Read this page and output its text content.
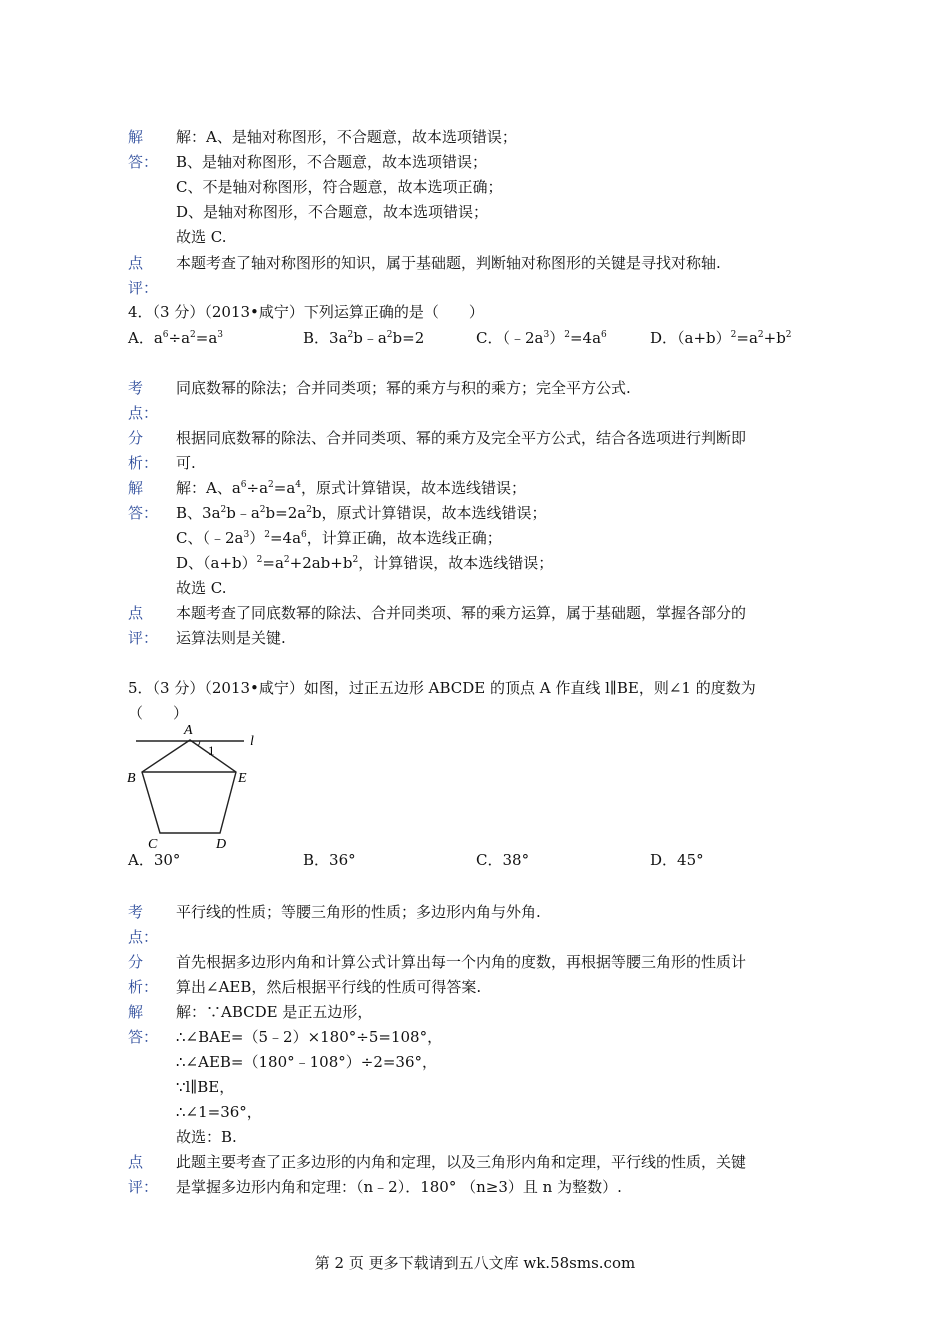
解
答：
解：A、是轴对称图形，不合题意，故本选项错误；
B、是轴对称图形，不合题意，故本选项错误；
C、不是轴对称图形，符合题意，故本选项正确；
D、是轴对称图形，不合题意，故本选项错误；
故选 C.
点
评：
本题考查了轴对称图形的知识，属于基础题，判断轴对称图形的关键是寻找对称轴.
4．（3 分）（2013•咸宁）下列运算正确的是（　　）
A．$a^6\div a^2=a^3$	B．$3a^2b﹣a^2b=2$	C．$(﹣2a^3)^2=4a^6$	D．$(a+b)^2=a^2+b^2$
考
点：
同底数幂的除法；合并同类项；幂的乘方与积的乘方；完全平方公式.
分
析：
根据同底数幂的除法、合并同类项、幂的乘方及完全平方公式，结合各选项进行判断即
可.
解
答：
解：A、$a^6\div a^2=a^4$，原式计算错误，故本选线错误；
B、$3a^2b﹣a^2b=2a^2b$，原式计算错误，故本选线错误；
C、$(﹣2a^3)^2=4a^6$，计算正确，故本选线正确；
D、$(a+b)^2=a^2+2ab+b^2$，计算错误，故本选线错误；
故选 C.
点
评：
本题考查了同底数幂的除法、合并同类项、幂的乘方运算，属于基础题，掌握各部分的
运算法则是关键.
5．（3 分）（2013•咸宁）如图，过正五边形 ABCDE 的顶点 A 作直线 l∥BE，则∠1 的度数为
（　　）
A
B
C	D
E
l
1
A．30°	B．36°	C．38°	D．45°
考
点：
平行线的性质；等腰三角形的性质；多边形内角与外角.
分
析：
首先根据多边形内角和计算公式计算出每一个内角的度数，再根据等腰三角形的性质计
算出∠AEB，然后根据平行线的性质可得答案.
解
答：
解：∵ABCDE 是正五边形，
∴∠BAE=（5﹣2）×180°÷5=108°，
∴∠AEB=（180°﹣108°）÷2=36°，
∵l∥BE，
∴∠1=36°，
故选：B.
点
评：
此题主要考查了正多边形的内角和定理，以及三角形内角和定理，平行线的性质，关键
是掌握多边形内角和定理：（n﹣2）．180° （n≥3）且 n 为整数）.
第 2 页 更多下载请到五八文库 wk.58sms.com
